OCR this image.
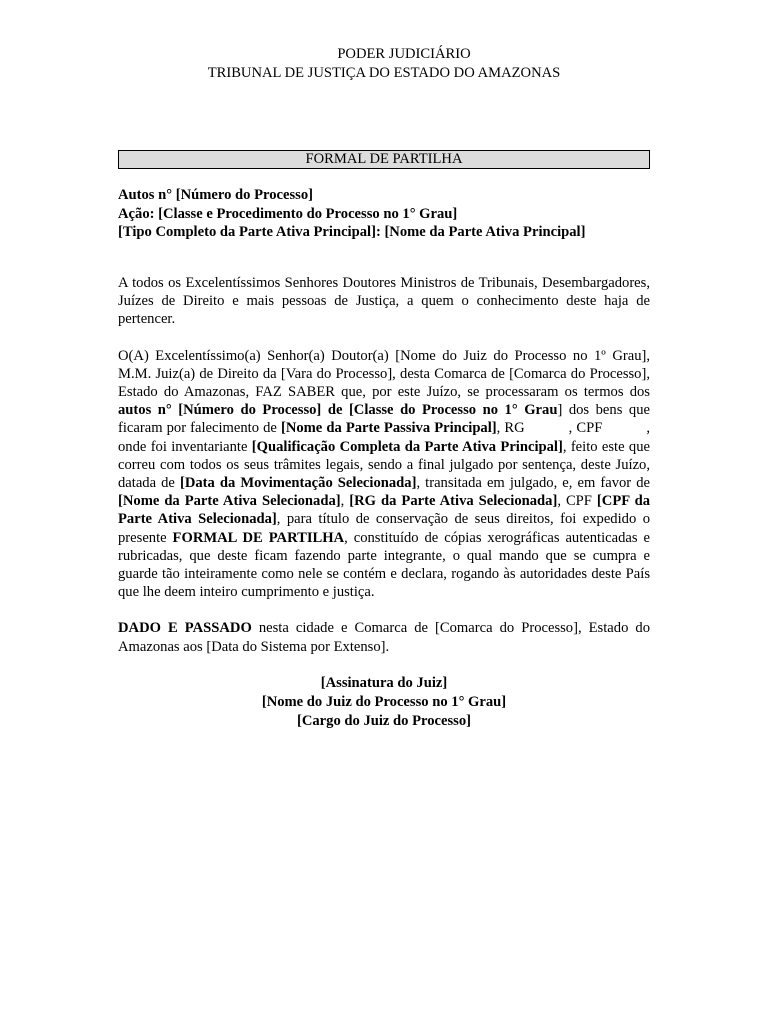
PODER JUDICIÁRIO
TRIBUNAL DE JUSTIÇA DO ESTADO DO AMAZONAS
FORMAL DE PARTILHA
Autos n° [Número do Processo]
Ação: [Classe e Procedimento do Processo no 1° Grau]
[Tipo Completo da Parte Ativa Principal]: [Nome da Parte Ativa Principal]

A todos os Excelentíssimos Senhores Doutores Ministros de Tribunais, Desembargadores, Juízes de Direito e mais pessoas de Justiça, a quem o conhecimento deste haja de pertencer.

O(A) Excelentíssimo(a) Senhor(a) Doutor(a) [Nome do Juiz do Processo no 1º Grau], M.M. Juiz(a) de Direito da [Vara do Processo], desta Comarca de [Comarca do Processo], Estado do Amazonas, FAZ SABER que, por este Juízo, se processaram os termos dos autos n° [Número do Processo] de [Classe do Processo no 1° Grau] dos bens que ficaram por falecimento de [Nome da Parte Passiva Principal], RG	, CPF	, onde foi inventariante [Qualificação Completa da Parte Ativa Principal], feito este que correu com todos os seus trâmites legais, sendo a final julgado por sentença, deste Juízo, datada de [Data da Movimentação Selecionada], transitada em julgado, e, em favor de [Nome da Parte Ativa Selecionada], [RG da Parte Ativa Selecionada], CPF [CPF da Parte Ativa Selecionada], para título de conservação de seus direitos, foi expedido o presente FORMAL DE PARTILHA, constituído de cópias xerográficas autenticadas e rubricadas, que deste ficam fazendo parte integrante, o qual mando que se cumpra e guarde tão inteiramente como nele se contém e declara, rogando às autoridades deste País que lhe deem inteiro cumprimento e justiça.

DADO E PASSADO nesta cidade e Comarca de [Comarca do Processo], Estado do Amazonas aos [Data do Sistema por Extenso].

[Assinatura do Juiz]
[Nome do Juiz do Processo no 1° Grau]
[Cargo do Juiz do Processo]
